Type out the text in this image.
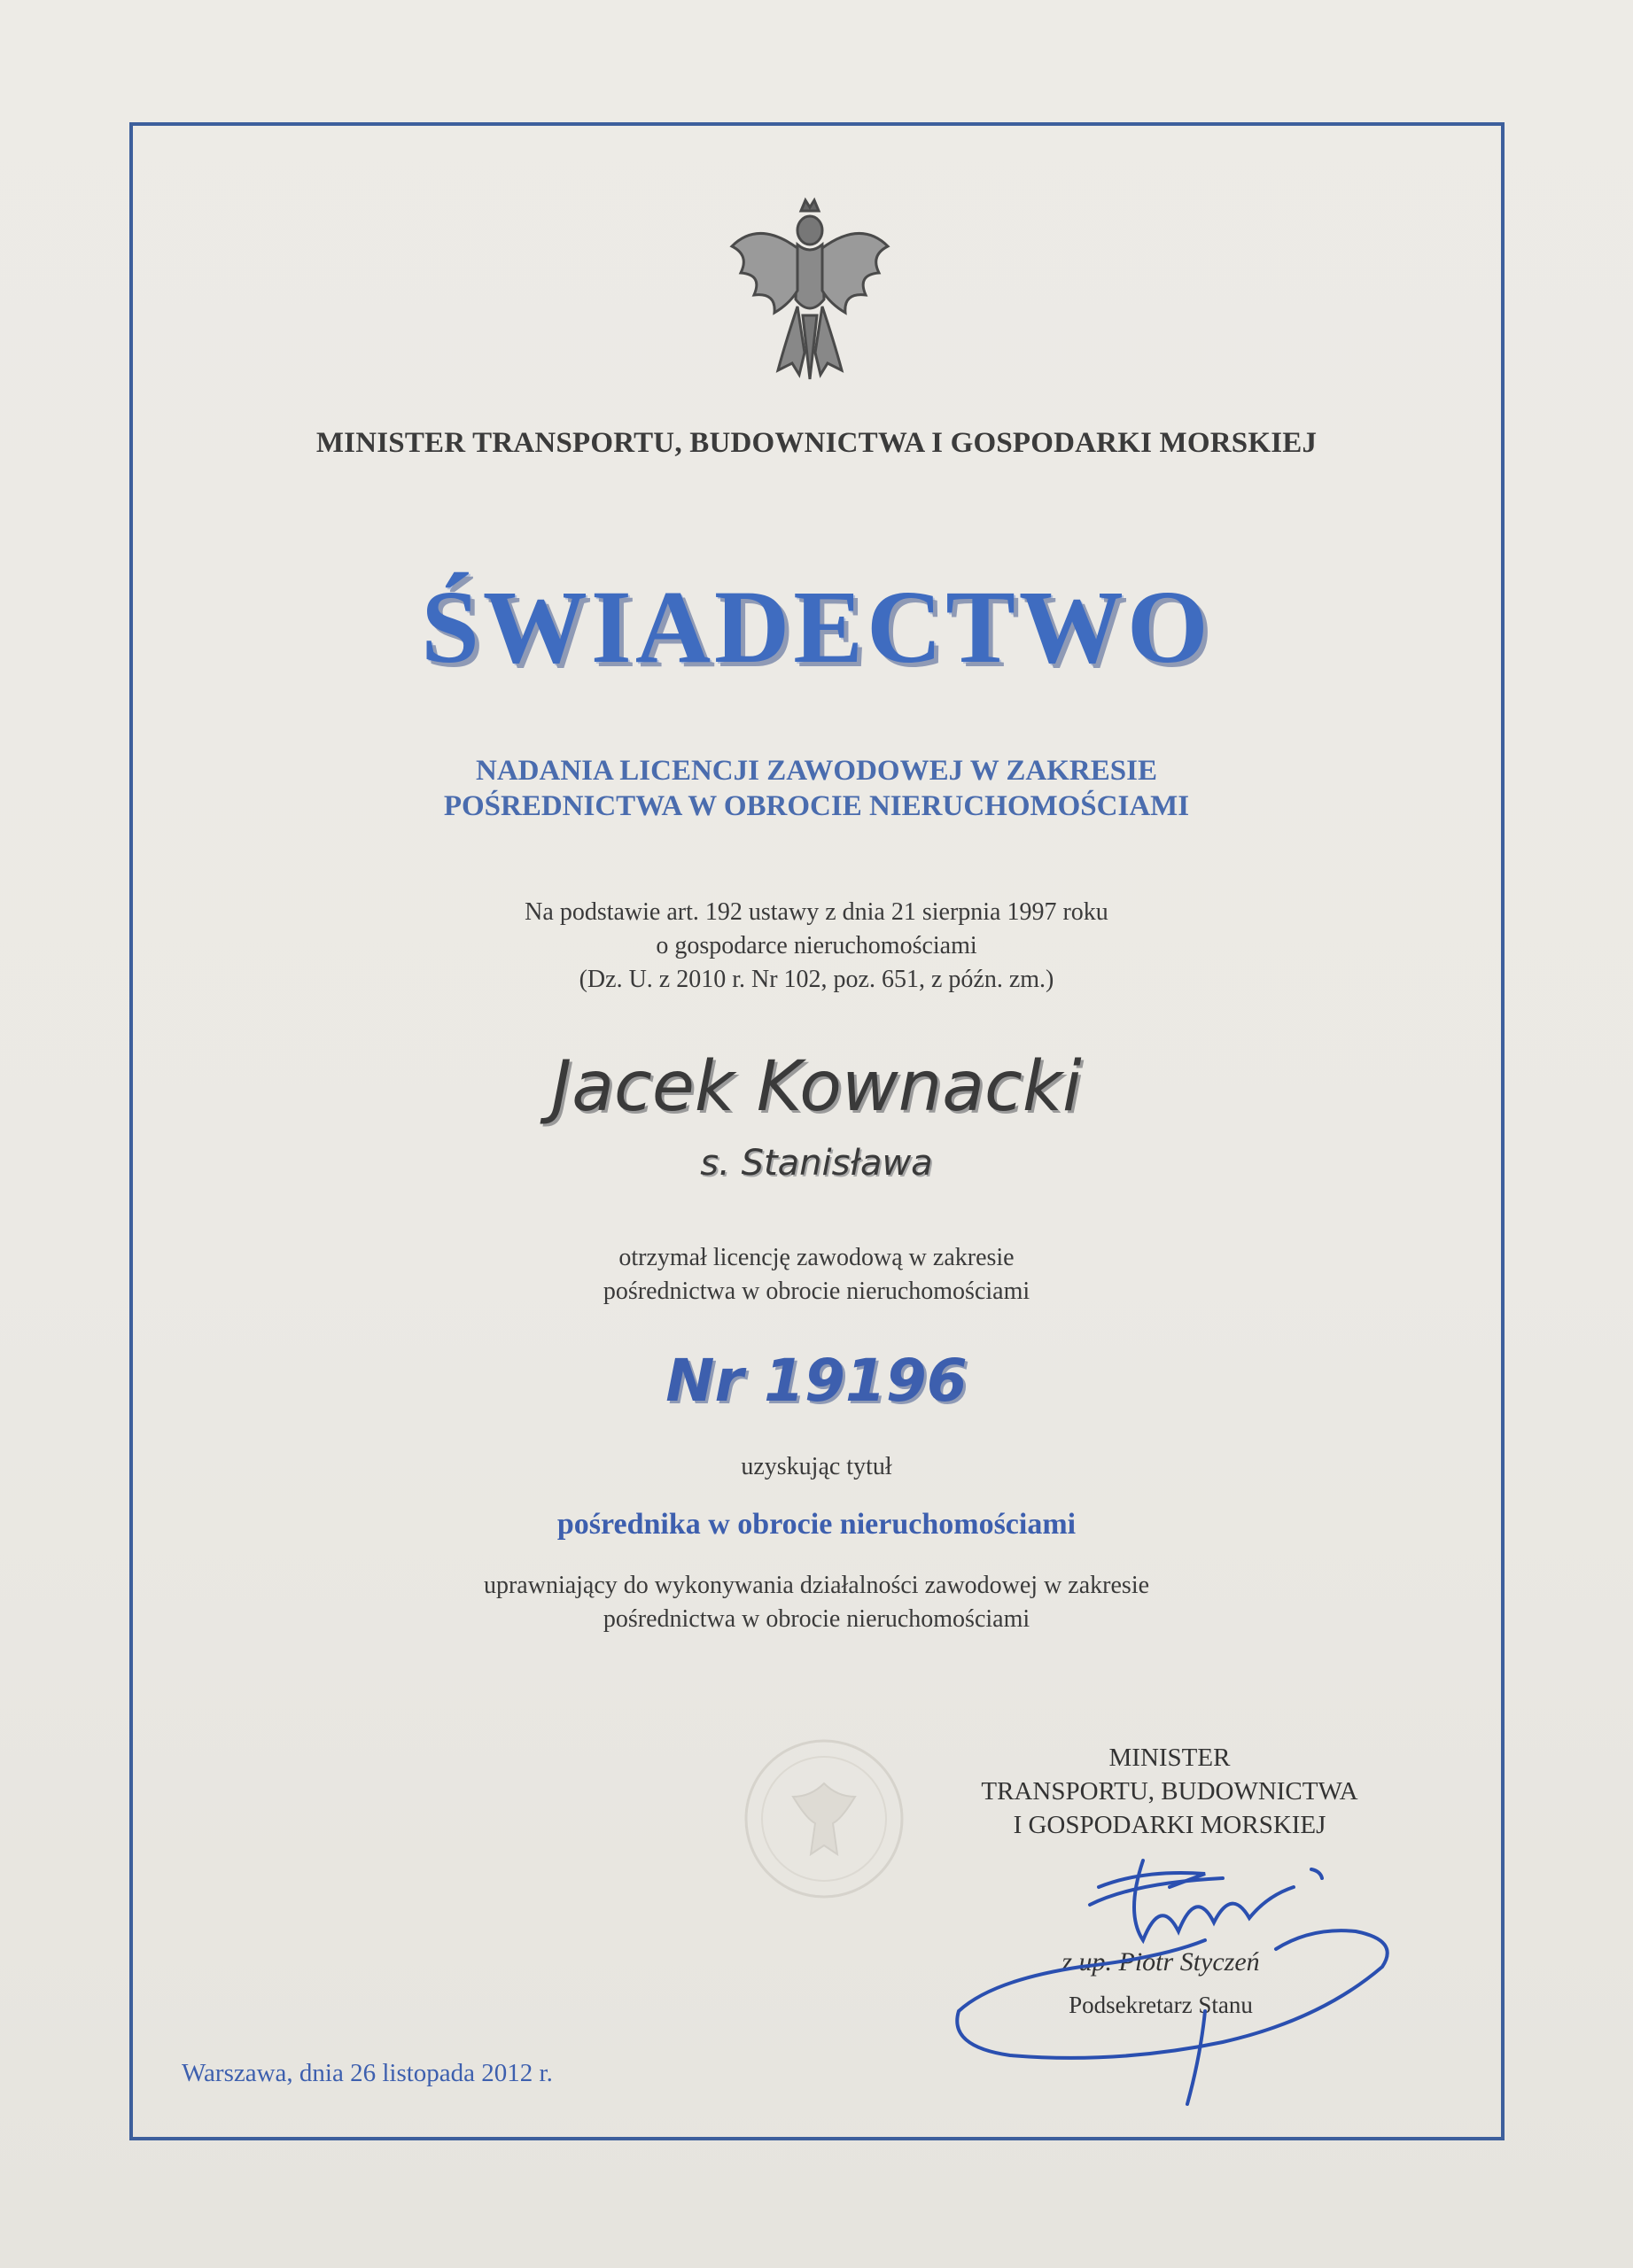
MINISTER TRANSPORTU, BUDOWNICTWA I GOSPODARKI MORSKIEJ

ŚWIADECTWO

NADANIA LICENCJI ZAWODOWEJ W ZAKRESIE

POŚREDNICTWA W OBROCIE NIERUCHOMOŚCIAMI

Na podstawie art. 192 ustawy z dnia 21 sierpnia 1997 roku

o gospodarce nieruchomościami

(Dz. U. z 2010 r. Nr 102, poz. 651, z późn. zm.)

Jacek Kownacki

s. Stanisława

otrzymał licencję zawodową w zakresie

pośrednictwa w obrocie nieruchomościami

Nr 19196

uzyskując tytuł

pośrednika w obrocie nieruchomościami

uprawniający do wykonywania działalności zawodowej w zakresie

pośrednictwa w obrocie nieruchomościami

MINISTER

TRANSPORTU, BUDOWNICTWA

I GOSPODARKI MORSKIEJ

z up. Piotr Styczeń

Podsekretarz Stanu

Warszawa, dnia 26 listopada 2012 r.
